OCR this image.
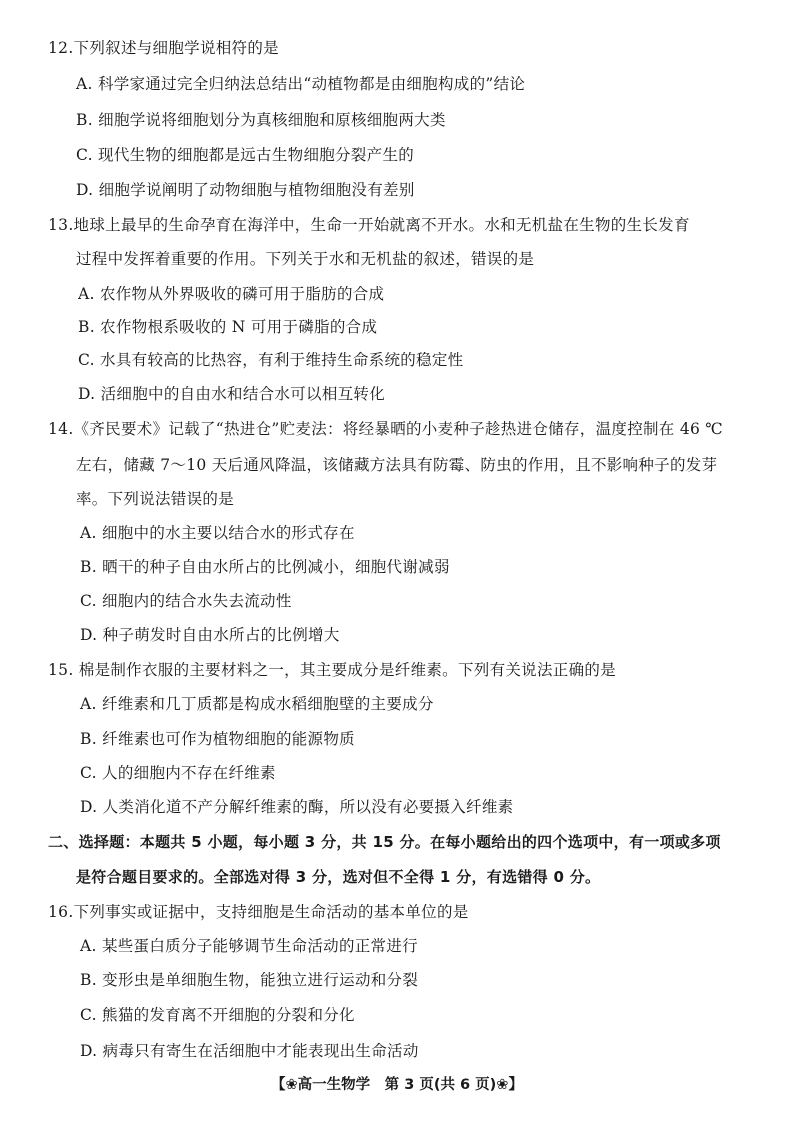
12.下列叙述与细胞学说相符的是
A. 科学家通过完全归纳法总结出“动植物都是由细胞构成的”结论
B. 细胞学说将细胞划分为真核细胞和原核细胞两大类
C. 现代生物的细胞都是远古生物细胞分裂产生的
D. 细胞学说阐明了动物细胞与植物细胞没有差别
13.地球上最早的生命孕育在海洋中，生命一开始就离不开水。水和无机盐在生物的生长发育
过程中发挥着重要的作用。下列关于水和无机盐的叙述，错误的是
A. 农作物从外界吸收的磷可用于脂肪的合成
B. 农作物根系吸收的 N 可用于磷脂的合成
C. 水具有较高的比热容，有利于维持生命系统的稳定性
D. 活细胞中的自由水和结合水可以相互转化
14.《齐民要术》记载了“热进仓”贮麦法：将经暴晒的小麦种子趁热进仓储存，温度控制在 46 ℃
左右，储藏 7～10 天后通风降温，该储藏方法具有防霉、防虫的作用，且不影响种子的发芽
率。下列说法错误的是
A. 细胞中的水主要以结合水的形式存在
B. 晒干的种子自由水所占的比例减小，细胞代谢减弱
C. 细胞内的结合水失去流动性
D. 种子萌发时自由水所占的比例增大
15. 棉是制作衣服的主要材料之一，其主要成分是纤维素。下列有关说法正确的是
A. 纤维素和几丁质都是构成水稻细胞壁的主要成分
B. 纤维素也可作为植物细胞的能源物质
C. 人的细胞内不存在纤维素
D. 人类消化道不产分解纤维素的酶，所以没有必要摄入纤维素
二、选择题：本题共 5 小题，每小题 3 分，共 15 分。在每小题给出的四个选项中，有一项或多项
是符合题目要求的。全部选对得 3 分，选对但不全得 1 分，有选错得 0 分。
16.下列事实或证据中，支持细胞是生命活动的基本单位的是
A. 某些蛋白质分子能够调节生命活动的正常进行
B. 变形虫是单细胞生物，能独立进行运动和分裂
C. 熊猫的发育离不开细胞的分裂和分化
D. 病毒只有寄生在活细胞中才能表现出生命活动
【❀高一生物学　第 3 页(共 6 页)❀】
